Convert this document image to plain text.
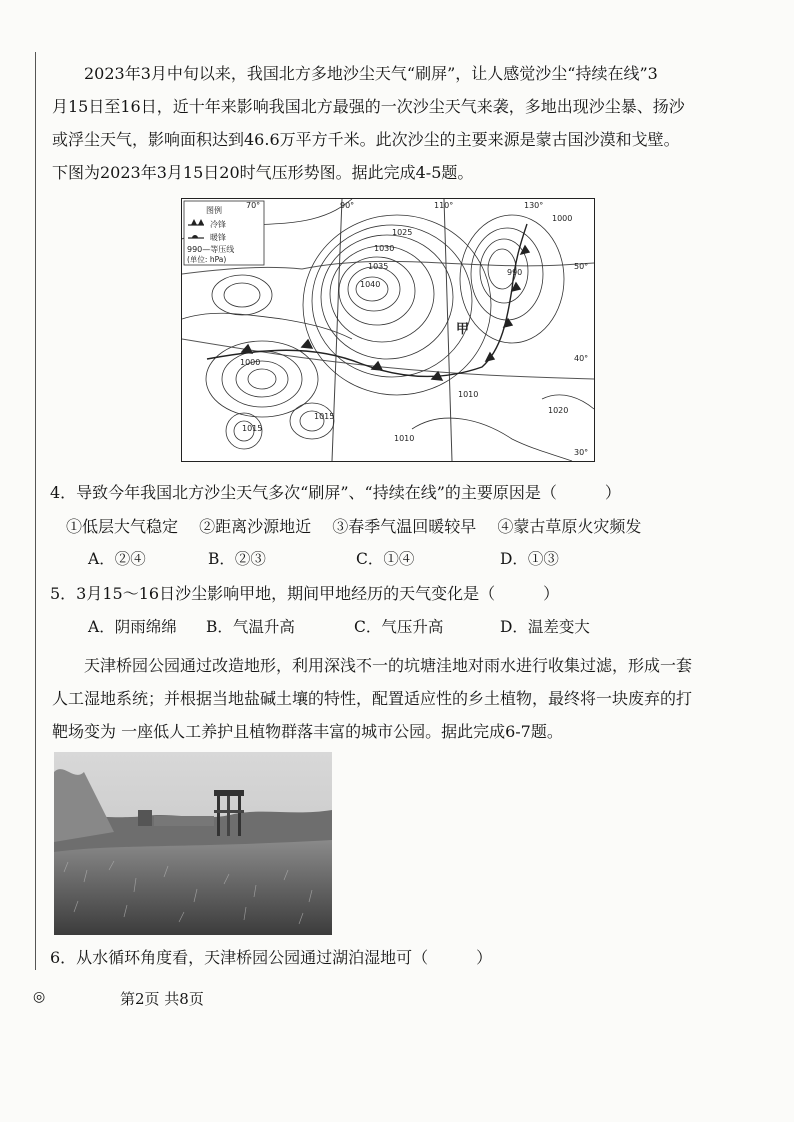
2023年3月中旬以来，我国北方多地沙尘天气“刷屏”，让人感觉沙尘“持续在线”3

月15日至16日，近十年来影响我国北方最强的一次沙尘天气来袭，多地出现沙尘暴、扬沙

或浮尘天气，影响面积达到46.6万平方千米。此次沙尘的主要来源是蒙古国沙漠和戈壁。

下图为2023年3月15日20时气压形势图。据此完成4-5题。

图例
冷锋
暖锋
990—等压线
(单位: hPa)
70°	90°	110°	130°
50°
40°
30°
1000
1025
1030
1035
1040
990
1000
1015
1015
1010
1010
1020
甲
4．导致今年我国北方沙尘天气多次“刷屏”、“持续在线”的主要原因是（　　　）
①低层大气稳定 ②距离沙源地近 ③春季气温回暖较早 ④蒙古草原火灾频发
A．②④	B．②③	C．①④	D．①③
5．3月15～16日沙尘影响甲地，期间甲地经历的天气变化是（　　　）
A．阴雨绵绵 B．气温升高	C．气压升高	D．温差变大

天津桥园公园通过改造地形，利用深浅不一的坑塘洼地对雨水进行收集过滤，形成一套

人工湿地系统；并根据当地盐碱土壤的特性，配置适应性的乡土植物，最终将一块废弃的打

靶场变为 一座低人工养护且植物群落丰富的城市公园。据此完成6-7题。

6．从水循环角度看，天津桥园公园通过湖泊湿地可（　　　）
◎	第2页 共8页
